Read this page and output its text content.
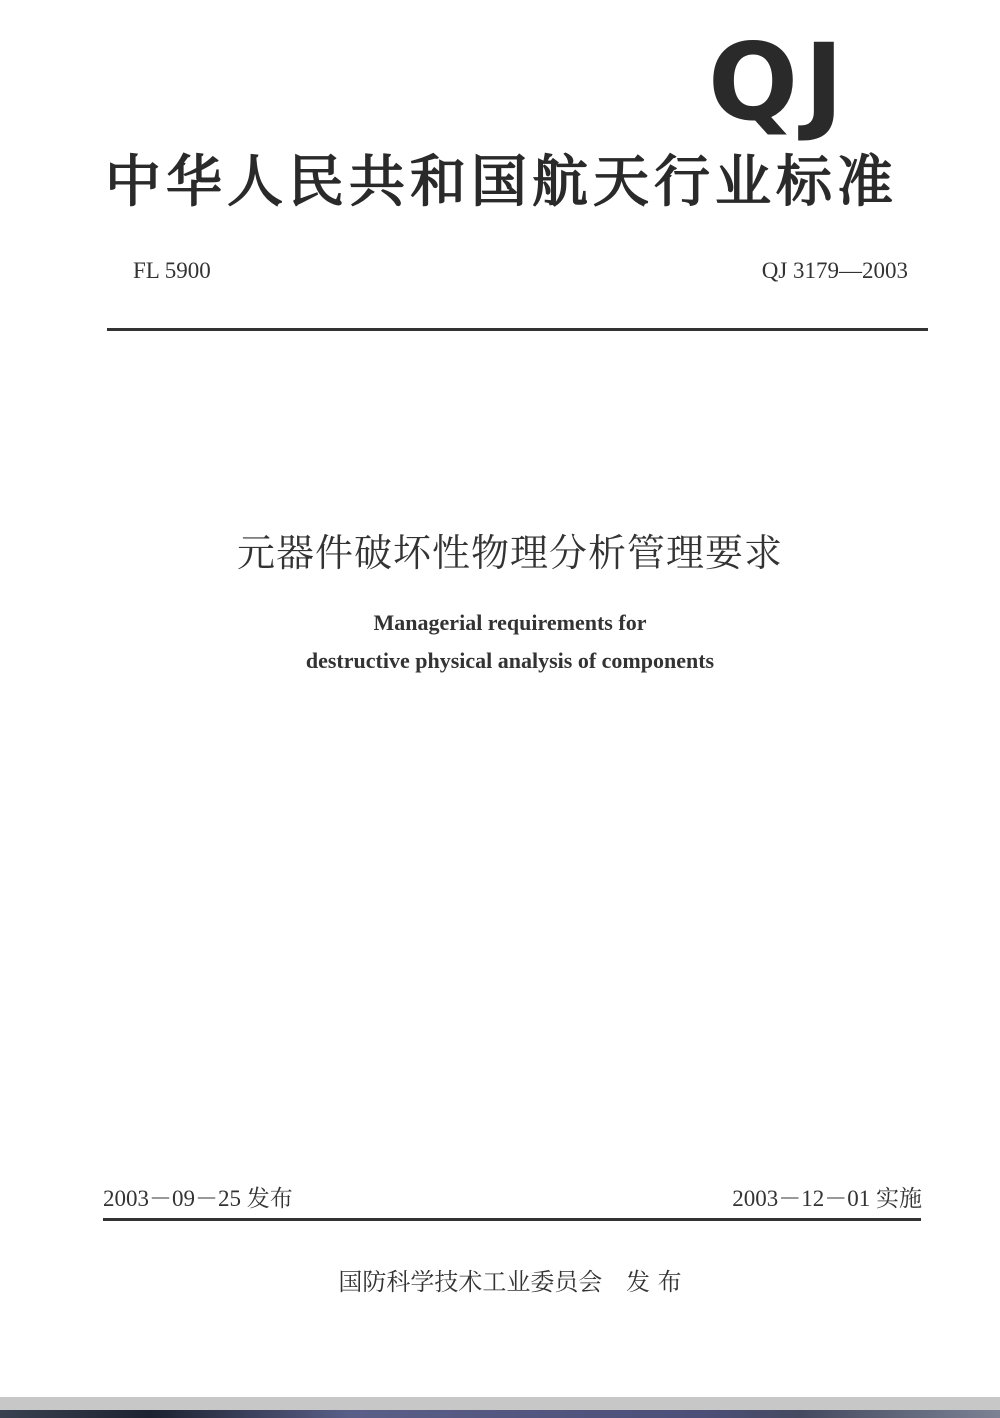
QJ
中华人民共和国航天行业标准
FL 5900	QJ 3179—2003
元器件破坏性物理分析管理要求
Managerial requirements for
destructive physical analysis of components
2003－09－25 发布	2003－12－01 实施
国防科学技术工业委员会 发 布
